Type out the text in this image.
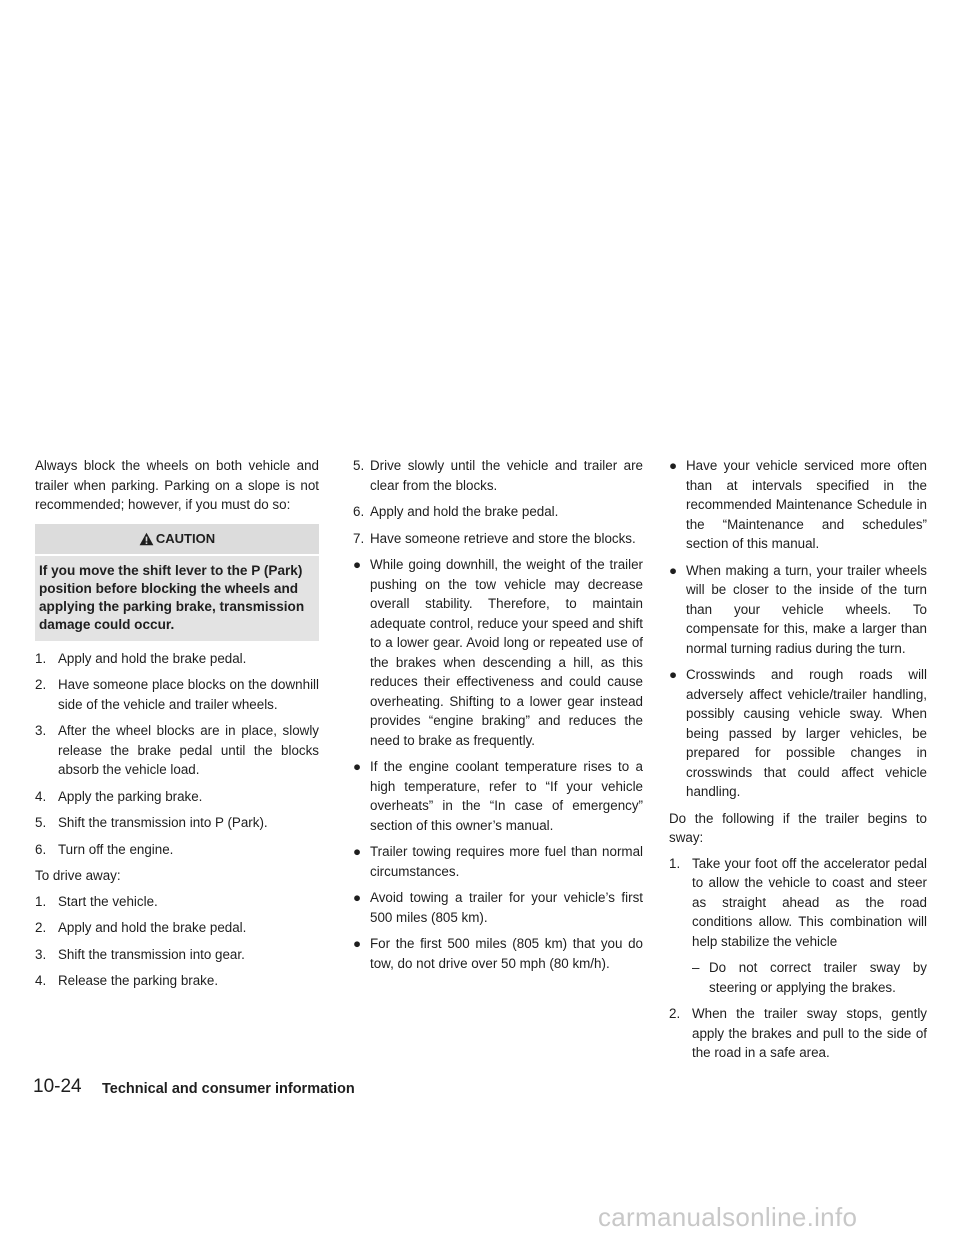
Always block the wheels on both vehicle and trailer when parking. Parking on a slope is not recommended; however, if you must do so:

CAUTION
If you move the shift lever to the P (Park) position before blocking the wheels and applying the parking brake, transmission damage could occur.
1. Apply and hold the brake pedal.
2. Have someone place blocks on the downhill side of the vehicle and trailer wheels.
3. After the wheel blocks are in place, slowly release the brake pedal until the blocks absorb the vehicle load.
4. Apply the parking brake.
5. Shift the transmission into P (Park).
6. Turn off the engine.

To drive away:

1. Start the vehicle.
2. Apply and hold the brake pedal.
3. Shift the transmission into gear.
4. Release the parking brake.
5. Drive slowly until the vehicle and trailer are clear from the blocks.
6. Apply and hold the brake pedal.
7. Have someone retrieve and store the blocks.
● While going downhill, the weight of the trailer pushing on the tow vehicle may decrease overall stability. Therefore, to maintain adequate control, reduce your speed and shift to a lower gear. Avoid long or repeated use of the brakes when descending a hill, as this reduces their effectiveness and could cause overheating. Shifting to a lower gear instead provides “engine braking” and reduces the need to brake as frequently.
● If the engine coolant temperature rises to a high temperature, refer to “If your vehicle overheats” in the “In case of emergency” section of this owner’s manual.
● Trailer towing requires more fuel than normal circumstances.
● Avoid towing a trailer for your vehicle’s first 500 miles (805 km).
● For the first 500 miles (805 km) that you do tow, do not drive over 50 mph (80 km/h).
● Have your vehicle serviced more often than at intervals specified in the recommended Maintenance Schedule in the “Maintenance and schedules” section of this manual.
● When making a turn, your trailer wheels will be closer to the inside of the turn than your vehicle wheels. To compensate for this, make a larger than normal turning radius during the turn.
● Crosswinds and rough roads will adversely affect vehicle/trailer handling, possibly causing vehicle sway. When being passed by larger vehicles, be prepared for possible changes in crosswinds that could affect vehicle handling.

Do the following if the trailer begins to sway:

1. Take your foot off the accelerator pedal to allow the vehicle to coast and steer as straight ahead as the road conditions allow. This combination will help stabilize the vehicle
– Do not correct trailer sway by steering or applying the brakes.
2. When the trailer sway stops, gently apply the brakes and pull to the side of the road in a safe area.
10-24 Technical and consumer information
carmanualsonline.info
